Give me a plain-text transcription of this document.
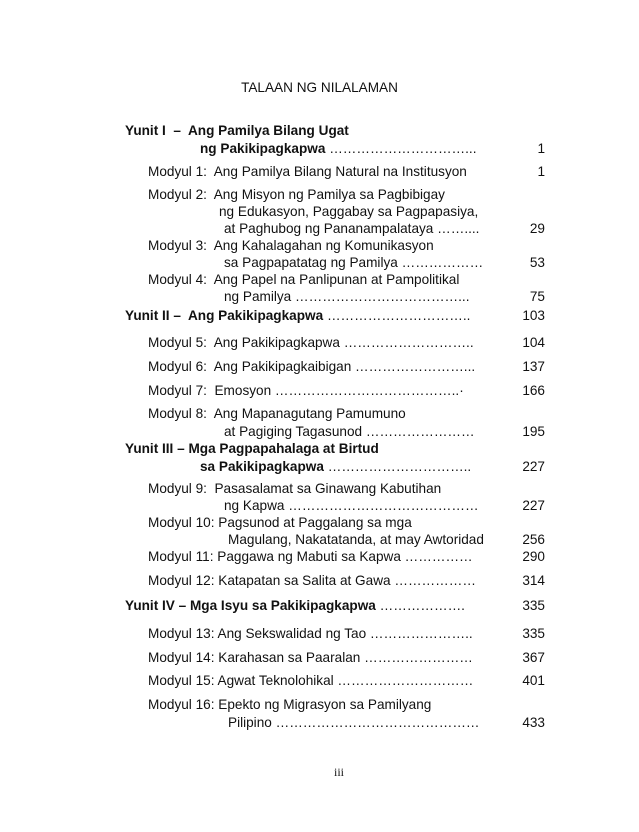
TALAAN NG NILALAMAN
Yunit I  –  Ang Pamilya Bilang Ugat
ng Pakikipagkapwa …………………………...	1
Modyul 1:  Ang Pamilya Bilang Natural na Institusyon	1
Modyul 2:  Ang Misyon ng Pamilya sa Pagbibigay
ng Edukasyon, Paggabay sa Pagpapasiya,
at Paghubog ng Pananampalataya ……....	29
Modyul 3:  Ang Kahalagahan ng Komunikasyon
sa Pagpapatatag ng Pamilya ………………	53
Modyul 4:  Ang Papel na Panlipunan at Pampolitikal
ng Pamilya ………………………………...	75
Yunit II –  Ang Pakikipagkapwa …………………………..	103
Modyul 5:  Ang Pakikipagkapwa ………………………..	104
Modyul 6:  Ang Pakikipagkaibigan ……………………...	137
Modyul 7:  Emosyon …………………………………..·	166
Modyul 8:  Ang Mapanagutang Pamumuno
at Pagiging Tagasunod ……………………	195
Yunit III – Mga Pagpapahalaga at Birtud
sa Pakikipagkapwa …………………………..	227
Modyul 9:  Pasasalamat sa Ginawang Kabutihan
ng Kapwa ……………………………………	227
Modyul 10: Pagsunod at Paggalang sa mga
Magulang, Nakatatanda, at may Awtoridad	256
Modyul 11: Paggawa ng Mabuti sa Kapwa ……………	290
Modyul 12: Katapatan sa Salita at Gawa ………………	314
Yunit IV – Mga Isyu sa Pakikipagkapwa ……………….	335
Modyul 13: Ang Sekswalidad ng Tao …………………..	335
Modyul 14: Karahasan sa Paaralan ……………………	367
Modyul 15: Agwat Teknolohikal …………………………	401
Modyul 16: Epekto ng Migrasyon sa Pamilyang
Pilipino ………………………………………	433
iii
